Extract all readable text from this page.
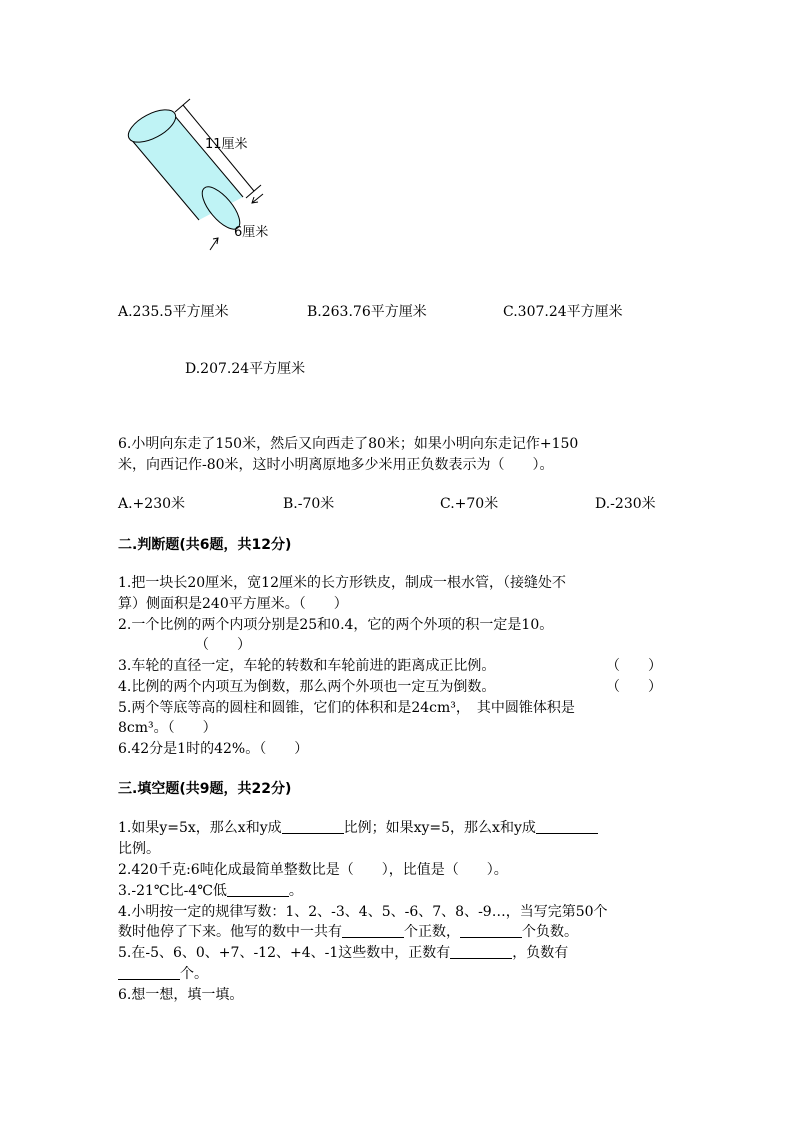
11厘米
6厘米
A.235.5平方厘米	B.263.76平方厘米	C.307.24平方厘米
D.207.24平方厘米
6.小明向东走了150米，然后又向西走了80米；如果小明向东走记作+150
米，向西记作-80米，这时小明离原地多少米用正负数表示为（　　）。
A.+230米	B.-70米	C.+70米	D.-230米
二.判断题(共6题，共12分)
1.把一块长20厘米，宽12厘米的长方形铁皮，制成一根水管，（接缝处不
算）侧面积是240平方厘米。（　　）
2.一个比例的两个内项分别是25和0.4，它的两个外项的积一定是10。
（　　）
3.车轮的直径一定，车轮的转数和车轮前进的距离成正比例。	（　　）
4.比例的两个内项互为倒数，那么两个外项也一定互为倒数。	（　　）
5.两个等底等高的圆柱和圆锥，它们的体积和是24cm³，　其中圆锥体积是
8cm³。（　　）
6.42分是1时的42%。（　　）
三.填空题(共9题，共22分)
1.如果y=5x，那么x和y成	比例；如果xy=5，那么x和y成
比例。
2.420千克:6吨化成最简单整数比是（　　），比值是（　　）。
3.-21℃比-4℃低	。
4.小明按一定的规律写数：1、2、-3、4、5、-6、7、8、-9…，当写完第50个
数时他停了下来。他写的数中一共有	个正数，	个负数。
5.在-5、6、0、+7、-12、+4、-1这些数中，正数有	，负数有
个。
6.想一想，填一填。
